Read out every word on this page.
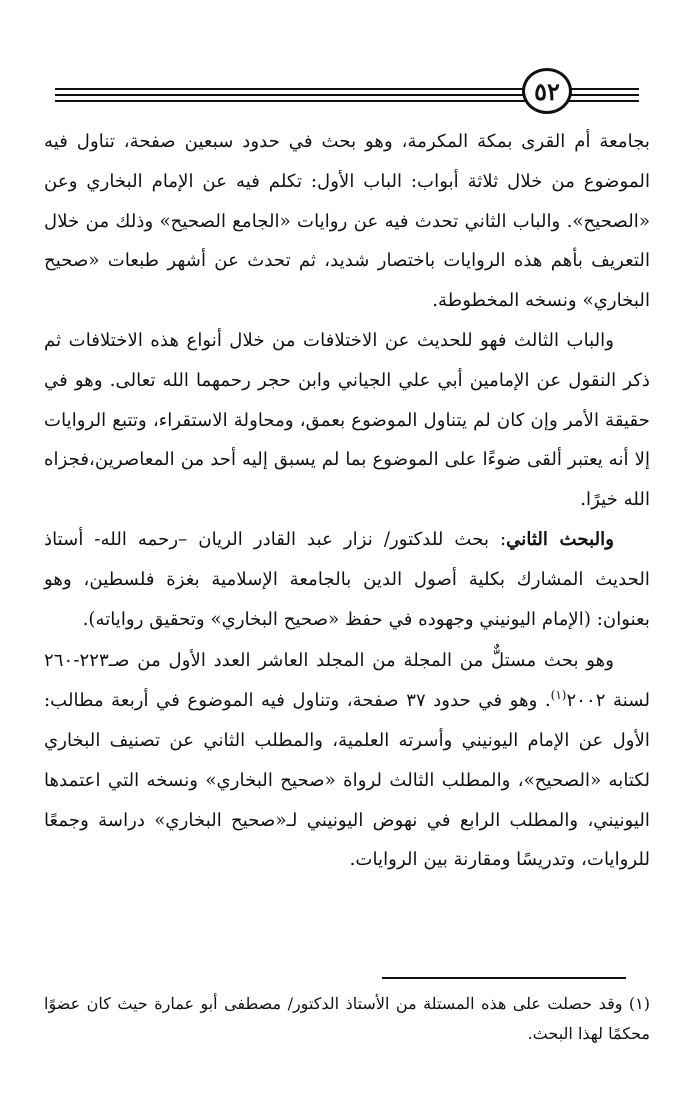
٥٢

بجامعة أم القرى بمكة المكرمة، وهو بحث في حدود سبعين صفحة، تناول فيه الموضوع من خلال ثلاثة أبواب: الباب الأول: تكلم فيه عن الإمام البخاري وعن «الصحيح». والباب الثاني تحدث فيه عن روايات «الجامع الصحيح» وذلك من خلال التعريف بأهم هذه الروايات باختصار شديد، ثم تحدث عن أشهر طبعات «صحيح البخاري» ونسخه المخطوطة.

والباب الثالث فهو للحديث عن الاختلافات من خلال أنواع هذه الاختلافات ثم ذكر النقول عن الإمامين أبي علي الجياني وابن حجر رحمهما الله تعالى. وهو في حقيقة الأمر وإن كان لم يتناول الموضوع بعمق، ومحاولة الاستقراء، وتتبع الروايات إلا أنه يعتبر ألقى ضوءًا على الموضوع بما لم يسبق إليه أحد من المعاصرين،فجزاه الله خيرًا.

والبحث الثاني: بحث للدكتور/ نزار عبد القادر الريان –رحمه الله- أستاذ الحديث المشارك بكلية أصول الدين بالجامعة الإسلامية بغزة فلسطين، وهو بعنوان: (الإمام اليونيني وجهوده في حفظ «صحيح البخاري» وتحقيق رواياته).

وهو بحث مستلٌّ من المجلة من المجلد العاشر العدد الأول من صـ٢٢٣-٢٦٠ لسنة ٢٠٠٢$^{(١)}$. وهو في حدود ٣٧ صفحة، وتناول فيه الموضوع في أربعة مطالب: الأول عن الإمام اليونيني وأسرته العلمية، والمطلب الثاني عن تصنيف البخاري لكتابه «الصحيح»، والمطلب الثالث لرواة «صحيح البخاري» ونسخه التي اعتمدها اليونيني، والمطلب الرابع في نهوض اليونيني لـ«صحيح البخاري» دراسة وجمعًا للروايات، وتدريسًا ومقارنة بين الروايات.

(١) وقد حصلت على هذه المستلة من الأستاذ الدكتور/ مصطفى أبو عمارة حيث كان عضوًا محكمًا لهذا البحث.
